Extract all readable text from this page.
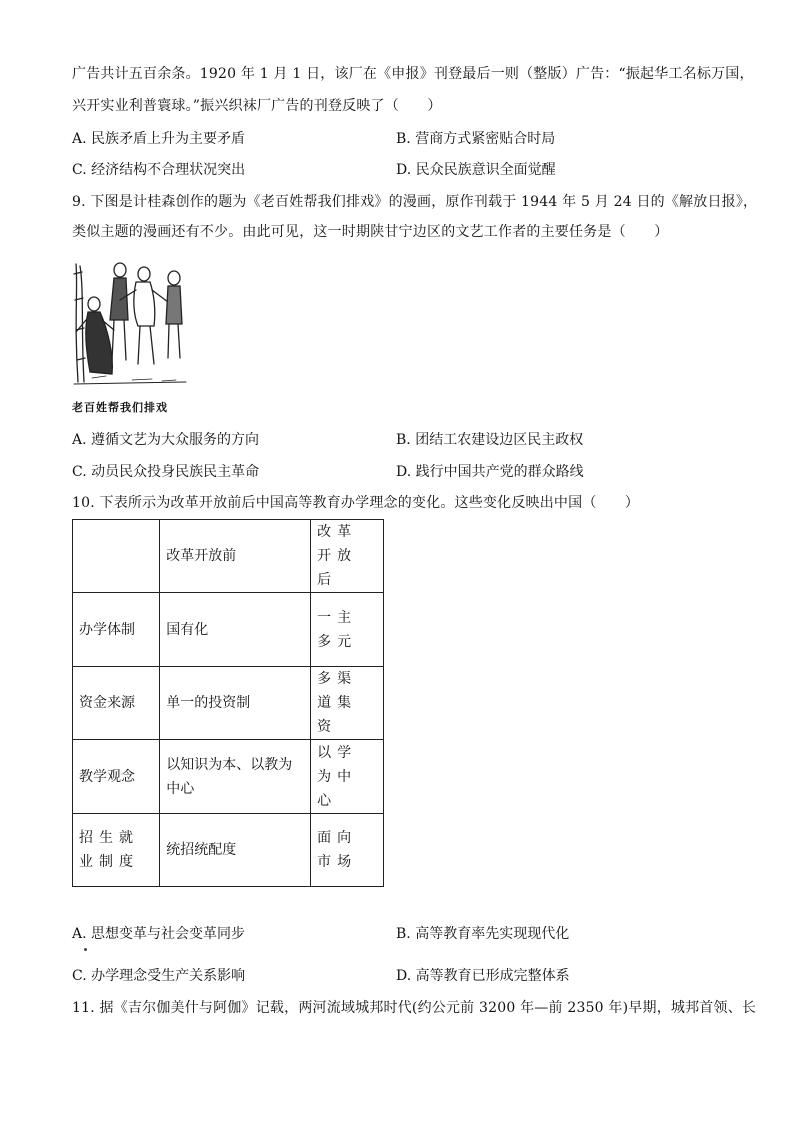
广告共计五百余条。1920 年 1 月 1 日，该厂在《申报》刊登最后一则（整版）广告：“振起华工名标万国，
兴开实业利普寰球。”振兴织袜厂广告的刊登反映了（　　）
A. 民族矛盾上升为主要矛盾	B. 营商方式紧密贴合时局
C. 经济结构不合理状况突出	D. 民众民族意识全面觉醒
9. 下图是计桂森创作的题为《老百姓帮我们排戏》的漫画，原作刊载于 1944 年 5 月 24 日的《解放日报》，
类似主题的漫画还有不少。由此可见，这一时期陕甘宁边区的文艺工作者的主要任务是（　　）
老百姓帮我们排戏
A. 遵循文艺为大众服务的方向	B. 团结工农建设边区民主政权
C. 动员民众投身民族民主革命	D. 践行中国共产党的群众路线
10. 下表所示为改革开放前后中国高等教育办学理念的变化。这些变化反映出中国（　　）
	改革开放前	改革开放后
办学体制	国有化	一主多元
资金来源	单一的投资制	多渠道集资
教学观念	以知识为本、以教为中心	以学为中心
招生就业制度	统招统配度	面向市场
A. 思想变革与社会变革同步	B. 高等教育率先实现现代化
C. 办学理念受生产关系影响	D. 高等教育已形成完整体系
11. 据《吉尔伽美什与阿伽》记载，两河流域城邦时代(约公元前 3200 年—前 2350 年)早期，城邦首领、长
